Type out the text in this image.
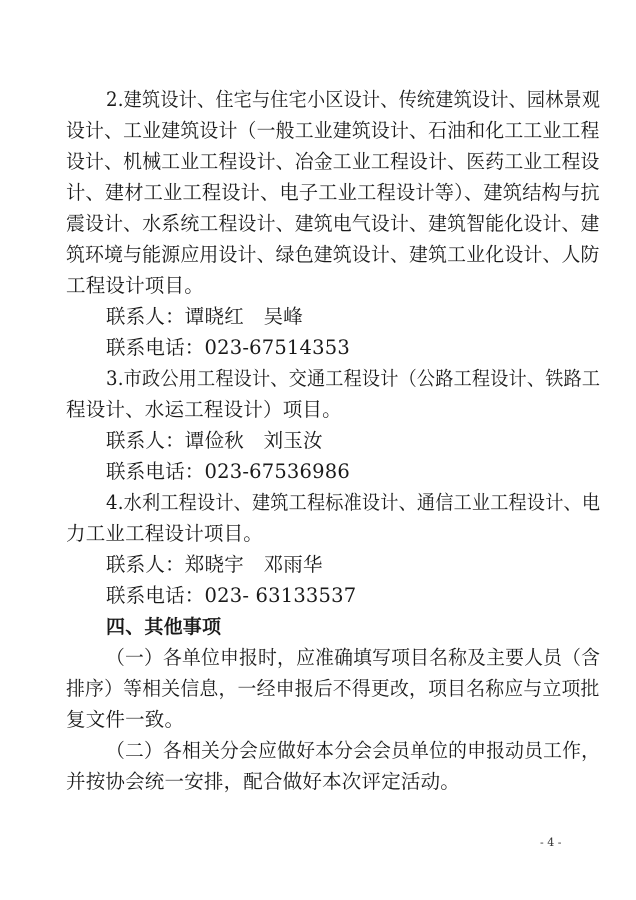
2.建筑设计、住宅与住宅小区设计、传统建筑设计、园林景观
设计、工业建筑设计（一般工业建筑设计、石油和化工工业工程
设计、机械工业工程设计、冶金工业工程设计、医药工业工程设
计、建材工业工程设计、电子工业工程设计等）、建筑结构与抗
震设计、水系统工程设计、建筑电气设计、建筑智能化设计、建
筑环境与能源应用设计、绿色建筑设计、建筑工业化设计、人防
工程设计项目。
联系人：谭晓红　吴峰
联系电话：023-67514353
3.市政公用工程设计、交通工程设计（公路工程设计、铁路工
程设计、水运工程设计）项目。
联系人：谭俭秋　刘玉汝
联系电话：023-67536986
4.水利工程设计、建筑工程标准设计、通信工业工程设计、电
力工业工程设计项目。
联系人：郑晓宇　邓雨华
联系电话：023- 63133537
四、其他事项
（一）各单位申报时，应准确填写项目名称及主要人员（含
排序）等相关信息，一经申报后不得更改，项目名称应与立项批
复文件一致。
（二）各相关分会应做好本分会会员单位的申报动员工作，
并按协会统一安排，配合做好本次评定活动。
- 4 -
